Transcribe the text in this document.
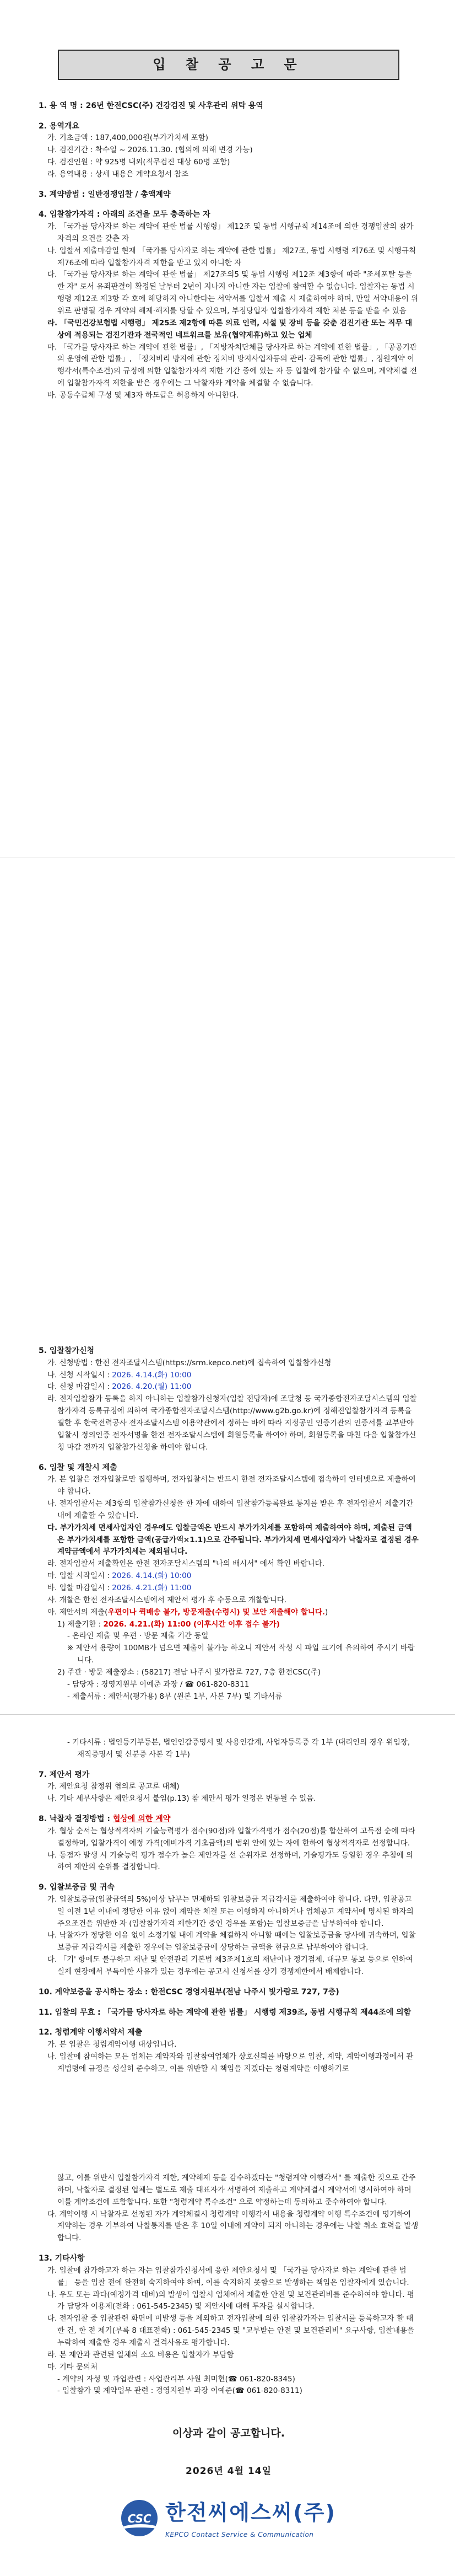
입 찰 공 고 문
1. 용 역 명 : 26년 한전CSC(주) 건강검진 및 사후관리 위탁 용역
2. 용역개요
가. 기초금액 : 187,400,000원(부가가치세 포함)
나. 검진기간 : 착수일 ~ 2026.11.30. (협의에 의해 변경 가능)
다. 검진인원 : 약 925명 내외(직무검진 대상 60명 포함)
라. 용역내용 : 상세 내용은 계약요청서 참조
3. 계약방법 : 일반경쟁입찰 / 총액계약
4. 입찰참가자격 : 아래의 조건을 모두 충족하는 자
가. 「국가를 당사자로 하는 계약에 관한 법률 시행령」 제12조 및 동법 시행규칙 제14조에 의한 경쟁입찰의 참가자격의 요건을 갖춘 자
나. 입찰서 제출마감일 현재 「국가를 당사자로 하는 계약에 관한 법률」 제27조, 동법 시행령 제76조 및 시행규칙 제76조에 따라 입찰참가자격 제한을 받고 있지 아니한 자
다. 「국가를 당사자로 하는 계약에 관한 법률」 제27조의5 및 동법 시행령 제12조 제3항에 따라 "조세포탈 등을 한 자" 로서 유죄판결이 확정된 날부터 2년이 지나지 아니한 자는 입찰에 참여할 수 없습니다. 입찰자는 동법 시행령 제12조 제3항 각 호에 해당하지 아니한다는 서약서를 입찰서 제출 시 제출하여야 하며, 만일 서약내용이 위위로 판명될 경우 계약의 해제·해지를 당할 수 있으며, 부정당업자 입찰참가자격 제한 처분 등을 받을 수 있음
라. 「국민건강보험법 시행령」 제25조 제2항에 따른 의료 인력, 시설 및 장비 등을 갖춘 검진기관 또는 직무 대상에 적용되는 검진기관과 전국적인 네트워크를 보유(협약제휴)하고 있는 업체
마. 「국가를 당사자로 하는 계약에 관한 법률」, 「지방자치단체를 당사자로 하는 계약에 관한 법률」, 「공공기관의 운영에 관한 법률」, 「정치비리 방지에 관한 정치비 방지사업자등의 관리· 감독에 관한 법률」, 정원계약 이행각서(특수조건)의 규정에 의한 입찰참가자격 제한 기간 중에 있는 자 등 입찰에 참가할 수 없으며, 계약체결 전에 입찰참가자격 제한을 받은 경우에는 그 낙찰자와 계약을 체결할 수 없습니다.
바. 공동수급체 구성 및 제3자 하도급은 허용하지 아니한다.
5. 입찰참가신청
가. 신청방법 : 한전 전자조달시스템(https://srm.kepco.net)에 접속하여 입찰참가신청
나. 신청 시작일시 : 2026. 4.14.(화) 10:00
다. 신청 마감일시 : 2026. 4.20.(월) 11:00
라. 전자입찰참가 등록을 하지 아니하는 입찰참가신청자(입찰 전당자)에 조달청 등 국가종합전자조달시스템의 입찰참가자격 등록규정에 의하여 국가종합전자조달시스템(http://www.g2b.go.kr)에 정해진입찰참가자격 등록을 필한 후 한국전력공사 전자조달시스템 이용약관에서 정하는 바에 따라 지정공인 인증기관의 인증서를 교부받아 입찰시 정의인증 전자서명을 한전 전자조달시스템에 회원등록을 하여야 하며, 회원등록을 마친 다음 입찰참가신청 마감 전까지 입찰참가신청을 하여야 합니다.
6. 입찰 및 개찰시 제출
가. 본 입찰은 전자입찰로만 집행하며, 전자입찰서는 반드시 한전 전자조달시스템에 접속하여 인터넷으로 제출하여야 합니다.
나. 전자입찰서는 제3항의 입찰참가신청을 한 자에 대하여 입찰참가등록완료 통지를 받은 후 전자입찰서 제출기간 내에 제출할 수 있습니다.
다. 부가가치세 면세사업자인 경우에도 입찰금액은 반드시 부가가치세를 포함하여 제출하여야 하며, 제출된 금액은 부가가치세를 포함한 금액(공급가액×1.1)으로 간주됩니다. 부가가치세 면세사업자가 낙찰자로 결정된 경우 계약금액에서 부가가치세는 제외됩니다.
라. 전자입찰서 제출확인은 한전 전자조달시스템의 "나의 배시서" 에서 확인 바랍니다.
마. 입찰 시작일시 : 2026. 4.14.(화) 10:00
바. 입찰 마감일시 : 2026. 4.21.(화) 11:00
사. 개찰은 한전 전자조달시스템에서 제안서 평가 후 수동으로 개찰합니다.
아. 제안서의 제출(우편이나 퀵배송 불가, 방문제출(수령시) 및 보안 제출해야 합니다.)
1) 제출기한 : 2026. 4.21.(화) 11:00 (이후시간 이후 접수 불가)
- 온라인 제출 및 우편 · 방문 제출 기간 동일
※ 제안서 용량이 100MB가 넘으면 제출이 불가능 하오니 제안서 작성 시 파일 크기에 유의하여 주시기 바랍니다.
2) 주관 · 방문 제출장소 : (58217) 전남 나주시 빛가람로 727, 7층 한전CSC(주)
- 담당자 : 경영지원부 이예준 과장 / ☎ 061-820-8311
- 제출서류 : 제안서(평가용) 8부 (원본 1부, 사본 7부) 및 기타서류
- 기타서류 : 법인등기부등본, 법인인감증명서 및 사용인감계, 사업자등록증 각 1부 (대리인의 경우 위임장, 재직증명서 및 신분증 사본 각 1부)
7. 제안서 평가
가. 제안요청 참정위 협의로 공고로 대체)
나. 기타 세부사항은 제안요청서 붙임(p.13) 참 제안서 평가 일정은 변동될 수 있음.
8. 낙찰자 결정방법 : 협상에 의한 계약
가. 협상 순서는 협상적격자의 기술능력평가 점수(90점)와 입찰가격평가 점수(20점)를 합산하여 고득점 순에 따라 결정하며, 입찰가격이 예정 가격(예비가격 기초금액)의 범위 안에 있는 자에 한하여 협상적격자로 선정합니다.
나. 동점자 발생 시 기술능력 평가 점수가 높은 제안자를 선 순위자로 선정하며, 기술평가도 동일한 경우 추첨에 의하여 제안의 순위를 결정합니다.
9. 입찰보증금 및 귀속
가. 입찰보증금(입찰금액의 5%)이상 납부는 면제하되 입찰보증금 지급각서를 제출하여야 합니다. 다만, 입찰공고일 이전 1년 이내에 정당한 이유 없이 계약을 체결 또는 이행하지 아니하거나 업체공고 계약서에 명시된 하자의 주요조건을 위반한 자 (입찰참가자격 제한기간 중인 경우를 포함)는 입찰보증금을 납부하여야 합니다.
나. 낙찰자가 정당한 이유 없이 소정기일 내에 계약을 체결하지 아니할 때에는 입찰보증금을 당사에 귀속하며, 입찰보증금 지급각서를 제출한 경우에는 입찰보증금에 상당하는 금액을 현금으로 납부하여야 합니다.
다. 「기' 항에도 불구하고 재난 및 안전관리 기본법 제3조제1호의 재난이나 정기점제, 대규모 통보 등으로 인하여 실제 현장에서 부득이한 사유가 있는 경우에는 공고시 신청서를 상기 경쟁제한에서 배제합니다.
10. 계약보증을 공시하는 장소 : 한전CSC 경영지원부(전남 나주시 빛가람로 727, 7층)
11. 입찰의 무효 : 「국가를 당사자로 하는 계약에 관한 법률」 시행령 제39조, 동법 시행규칙 제44조에 의함
12. 청렴계약 이행서약서 제출
가. 본 입찰은 청렴계약이행 대상입니다.
나. 입찰에 참여하는 모든 업체는 계약자와 입찰참여업체가 상호신뢰를 바탕으로 입찰, 계약, 계약이행과정에서 관계법령에 규정을 성실히 준수하고, 이를 위반할 시 책임을 지겠다는 청렴계약을 이행하기로
않고, 이를 위반시 입찰참가자격 제한, 계약해제 등을 감수하겠다는 "청렴계약 이행각서" 를 제출한 것으로 간주하며, 낙찰자로 결정된 업체는 별도로 제출 대표자가 서명하여 제출하고 계약체결시 계약서에 명시하여야 하며 이를 계약조건에 포함합니다. 또한 "청렴계약 특수조건" 으로 약정하는데 동의하고 준수하여야 합니다.
다. 계약이행 시 낙찰자로 선정된 자가 계약체결시 청렴계약 이행각서 내용을 청렴계약 이행 특수조건에 명기하여 계약하는 경우 기부하여 낙찰통지를 받은 후 10일 이내에 계약이 되지 아니하는 경우에는 낙찰 취소 효력을 발생 합니다.
13. 기타사항
가. 입찰에 참가하고자 하는 자는 입찰참가신청서에 응한 제안요청서 및 「국가를 당사자로 하는 계약에 관한 법률」 등을 입찰 전에 완전히 숙지하여야 하며, 이를 숙지하지 못함으로 발생하는 책임은 입찰자에게 있습니다.
나. 우도 또는 과다(예정가격 대비)의 발생이 입찰시 업체에서 제출한 안전 및 보건관리비를 준수하여야 합니다. 평가 담당자 이용제(전화 : 061-545-2345) 및 제안서에 대해 투자를 실시합니다.
다. 전자입찰 중 입찰관련 화면에 미발생 등을 제외하고 전자입찰에 의한 입찰참가자는 입찰서를 등록하고자 할 때 한 건, 한 전 제기(부록 8 대표전화) : 061-545-2345 및 "교부받는 안전 및 보건관리비" 요구사항, 입찰내용을 누락하여 제출한 경우 제출시 결격사유로 평가합니다.
라. 본 제안과 관련된 일체의 소요 비용은 입찰자가 부담함
마. 기타 문의처
- 계약의 자성 및 과업관련 : 사업관리부 사원 최미현(☎ 061-820-8345)
- 입찰참가 및 계약업무 관련 : 경영지원부 과장 이예준(☎ 061-820-8311)
이상과 같이 공고합니다.
2026년 4월 14일
CSC 한전씨에스씨(주)
KEPCO Contact Service & Communication
